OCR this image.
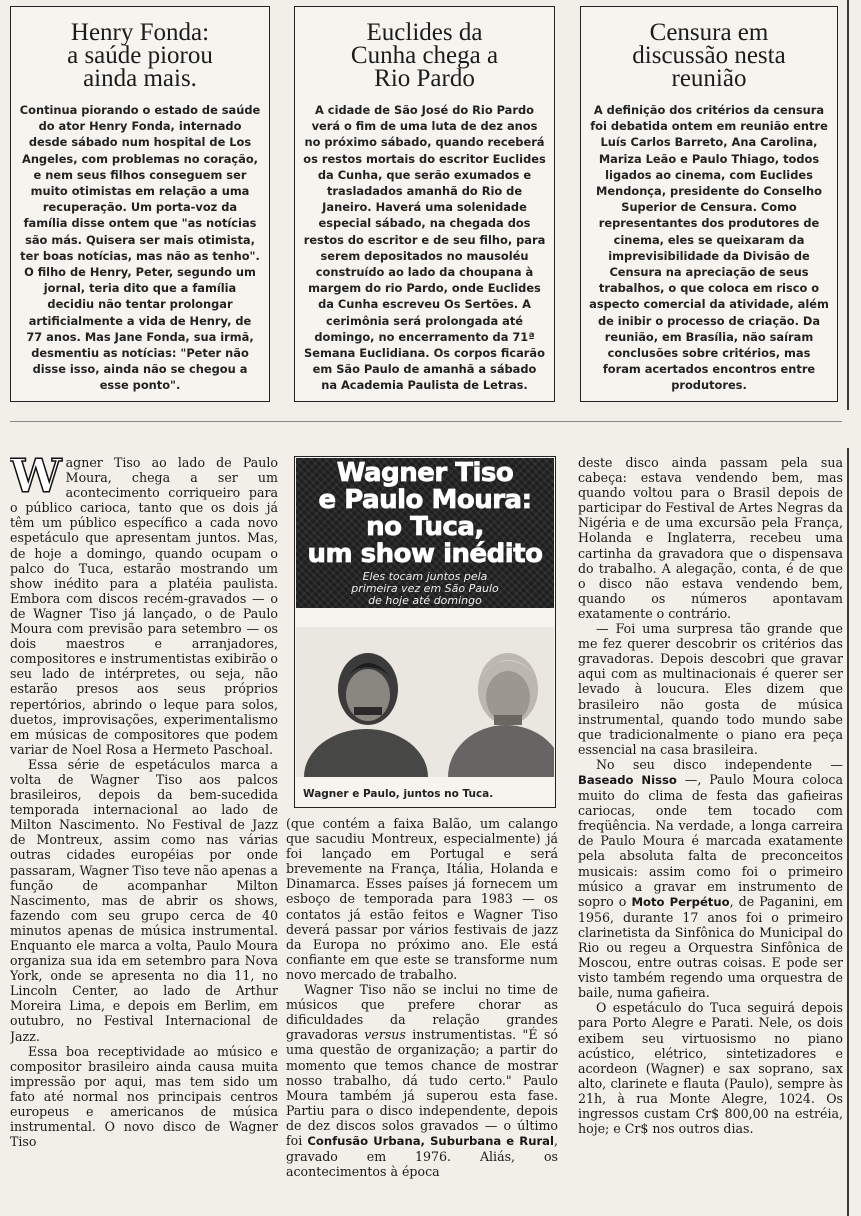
Henry Fonda:
a saúde piorou
ainda mais.
Continua piorando o estado de saúde do ator Henry Fonda, internado desde sábado num hospital de Los Angeles, com problemas no coração, e nem seus filhos conseguem ser muito otimistas em relação a uma recuperação. Um porta-voz da família disse ontem que "as notícias são más. Quisera ser mais otimista, ter boas notícias, mas não as tenho". O filho de Henry, Peter, segundo um jornal, teria dito que a família decidiu não tentar prolongar artificialmente a vida de Henry, de 77 anos. Mas Jane Fonda, sua irmã, desmentiu as notícias: "Peter não disse isso, ainda não se chegou a esse ponto".
Euclides da
Cunha chega a
Rio Pardo
A cidade de São José do Rio Pardo verá o fim de uma luta de dez anos no próximo sábado, quando receberá os restos mortais do escritor Euclides da Cunha, que serão exumados e trasladados amanhã do Rio de Janeiro. Haverá uma solenidade especial sábado, na chegada dos restos do escritor e de seu filho, para serem depositados no mausoléu construído ao lado da choupana à margem do rio Pardo, onde Euclides da Cunha escreveu Os Sertões. A cerimônia será prolongada até domingo, no encerramento da 71ª Semana Euclidiana. Os corpos ficarão em São Paulo de amanhã a sábado na Academia Paulista de Letras.
Censura em
discussão nesta
reunião
A definição dos critérios da censura foi debatida ontem em reunião entre Luís Carlos Barreto, Ana Carolina, Mariza Leão e Paulo Thiago, todos ligados ao cinema, com Euclides Mendonça, presidente do Conselho Superior de Censura. Como representantes dos produtores de cinema, eles se queixaram da imprevisibilidade da Divisão de Censura na apreciação de seus trabalhos, o que coloca em risco o aspecto comercial da atividade, além de inibir o processo de criação. Da reunião, em Brasília, não saíram conclusões sobre critérios, mas foram acertados encontros entre produtores.

Wagner Tiso ao lado de Paulo Moura, chega a ser um acontecimento corriqueiro para o público carioca, tanto que os dois já têm um público específico a cada novo espetáculo que apresentam juntos. Mas, de hoje a domingo, quando ocupam o palco do Tuca, estarão mostrando um show inédito para a platéia paulista. Embora com discos recém-gravados — o de Wagner Tiso já lançado, o de Paulo Moura com previsão para setembro — os dois maestros e arranjadores, compositores e instrumentistas exibirão o seu lado de intérpretes, ou seja, não estarão presos aos seus próprios repertórios, abrindo o leque para solos, duetos, improvisações, experimentalismo em músicas de compositores que podem variar de Noel Rosa a Hermeto Paschoal.

Essa série de espetáculos marca a volta de Wagner Tiso aos palcos brasileiros, depois da bem-sucedida temporada internacional ao lado de Milton Nascimento. No Festival de Jazz de Montreux, assim como nas várias outras cidades européias por onde passaram, Wagner Tiso teve não apenas a função de acompanhar Milton Nascimento, mas de abrir os shows, fazendo com seu grupo cerca de 40 minutos apenas de música instrumental. Enquanto ele marca a volta, Paulo Moura organiza sua ida em setembro para Nova York, onde se apresenta no dia 11, no Lincoln Center, ao lado de Arthur Moreira Lima, e depois em Berlim, em outubro, no Festival Internacional de Jazz.

Essa boa receptividade ao músico e compositor brasileiro ainda causa muita impressão por aqui, mas tem sido um fato até normal nos principais centros europeus e americanos de música instrumental. O novo disco de Wagner Tiso

Wagner Tiso
e Paulo Moura:
no Tuca,
um show inédito
Eles tocam juntos pela
primeira vez em São Paulo
de hoje até domingo
Wagner e Paulo, juntos no Tuca.

(que contém a faixa Balão, um calango que sacudiu Montreux, especialmente) já foi lançado em Portugal e será brevemente na França, Itália, Holanda e Dinamarca. Esses países já fornecem um esboço de temporada para 1983 — os contatos já estão feitos e Wagner Tiso deverá passar por vários festivais de jazz da Europa no próximo ano. Ele está confiante em que este se transforme num novo mercado de trabalho.

Wagner Tiso não se inclui no time de músicos que prefere chorar as dificuldades da relação grandes gravadoras versus instrumentistas. "É só uma questão de organização; a partir do momento que temos chance de mostrar nosso trabalho, dá tudo certo." Paulo Moura também já superou esta fase. Partiu para o disco independente, depois de dez discos solos gravados — o último foi Confusão Urbana, Suburbana e Rural, gravado em 1976. Aliás, os acontecimentos à época

deste disco ainda passam pela sua cabeça: estava vendendo bem, mas quando voltou para o Brasil depois de participar do Festival de Artes Negras da Nigéria e de uma excursão pela França, Holanda e Inglaterra, recebeu uma cartinha da gravadora que o dispensava do trabalho. A alegação, conta, é de que o disco não estava vendendo bem, quando os números apontavam exatamente o contrário.

— Foi uma surpresa tão grande que me fez querer descobrir os critérios das gravadoras. Depois descobri que gravar aqui com as multinacionais é querer ser levado à loucura. Eles dizem que brasileiro não gosta de música instrumental, quando todo mundo sabe que tradicionalmente o piano era peça essencial na casa brasileira.

No seu disco independente — Baseado Nisso —, Paulo Moura coloca muito do clima de festa das gafieiras cariocas, onde tem tocado com freqüência. Na verdade, a longa carreira de Paulo Moura é marcada exatamente pela absoluta falta de preconceitos musicais: assim como foi o primeiro músico a gravar em instrumento de sopro o Moto Perpétuo, de Paganini, em 1956, durante 17 anos foi o primeiro clarinetista da Sinfônica do Municipal do Rio ou regeu a Orquestra Sinfônica de Moscou, entre outras coisas. E pode ser visto também regendo uma orquestra de baile, numa gafieira.

O espetáculo do Tuca seguirá depois para Porto Alegre e Parati. Nele, os dois exibem seu virtuosismo no piano acústico, elétrico, sintetizadores e acordeon (Wagner) e sax soprano, sax alto, clarinete e flauta (Paulo), sempre às 21h, à rua Monte Alegre, 1024. Os ingressos custam Cr$ 800,00 na estréia, hoje; e Cr$ nos outros dias.
